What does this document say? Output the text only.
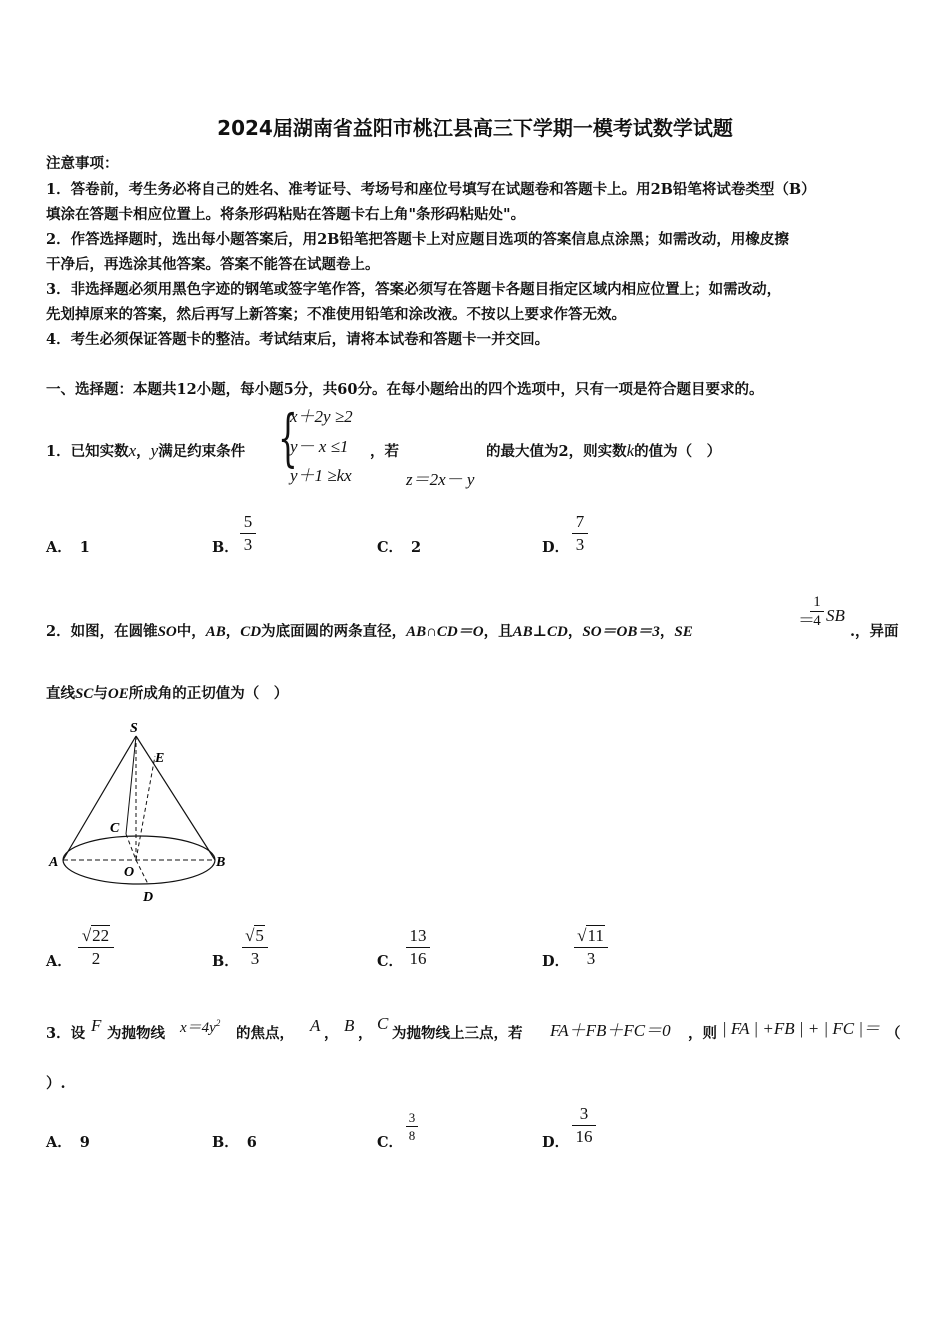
2024届湖南省益阳市桃江县高三下学期一模考试数学试题
注意事项：
1．答卷前，考生务必将自己的姓名、准考证号、考场号和座位号填写在试题卷和答题卡上。用2B铅笔将试卷类型（B）
填涂在答题卡相应位置上。将条形码粘贴在答题卡右上角"条形码粘贴处"。
2．作答选择题时，选出每小题答案后，用2B铅笔把答题卡上对应题目选项的答案信息点涂黑；如需改动，用橡皮擦
干净后，再选涂其他答案。答案不能答在试题卷上。
3．非选择题必须用黑色字迹的钢笔或签字笔作答，答案必须写在答题卡各题目指定区域内相应位置上；如需改动，
先划掉原来的答案，然后再写上新答案；不准使用铅笔和涂改液。不按以上要求作答无效。
4．考生必须保证答题卡的整洁。考试结束后，请将本试卷和答题卡一并交回。
一、选择题：本题共12小题，每小题5分，共60分。在每小题给出的四个选项中，只有一项是符合题目要求的。
1．已知实数x，y满足约束条件 {
x＋2y ≥2
y－ x ≤1
y＋1 ≥kx
，若
z＝2x－ y
的最大值为2，则实数k的值为（　）
A． 1	B．
5
3	C． 2	D．
7
3
2．如图，在圆锥SO中，AB，CD为底面圆的两条直径，AB∩CD＝O，且AB⊥CD，SO＝OB＝3，SE
＝
1
4 SB
.，异面
直线SC与OE所成角的正切值为（　）
S
E
C
A
O
B
D
A．
√22
2	B．
√5
3	C．
13
16	D．
√11
3
3．设 F 为抛物线 $x=4y^2$
的焦点， A ， B ，
C
为抛物线上三点，若 FA＋FB＋FC＝0 ，则 | FA | +FB | + | FC |＝ （
）.
A． 9	B． 6	C．
3
8	D．
3
16
